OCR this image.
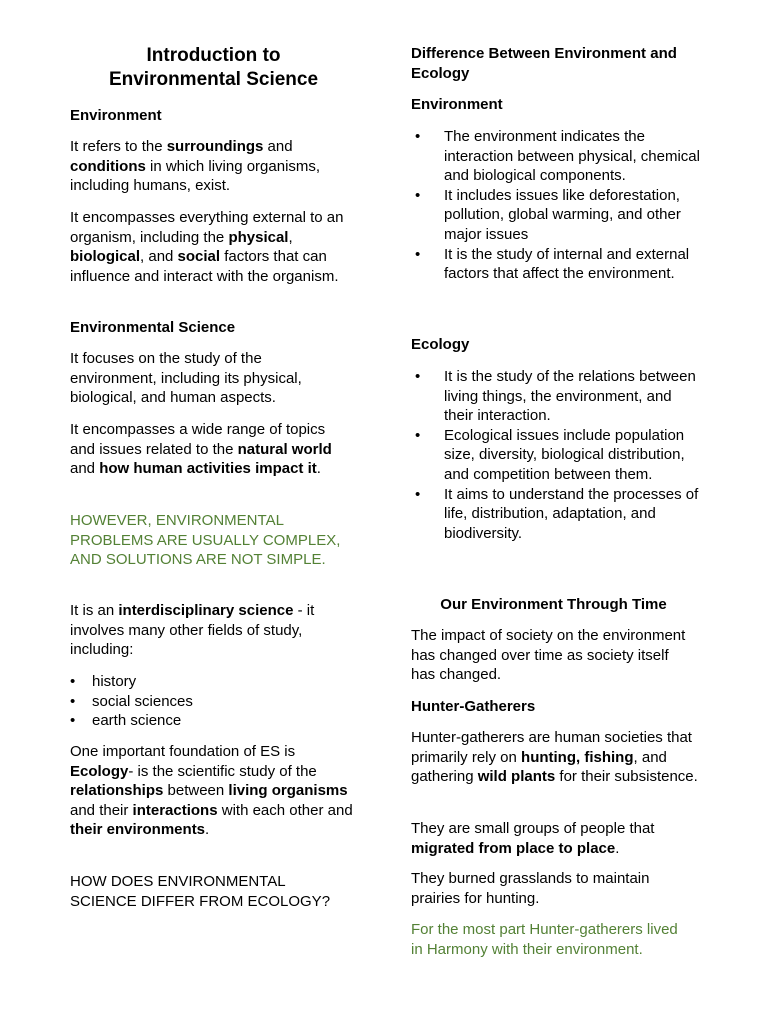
Introduction to
Environmental Science
Environment

It refers to the surroundings and conditions in which living organisms, including humans, exist.

It encompasses everything external to an organism, including the physical, biological, and social factors that can influence and interact with the organism.

Environmental Science

It focuses on the study of the environment, including its physical, biological, and human aspects.

It encompasses a wide range of topics and issues related to the natural world and how human activities impact it.

HOWEVER, ENVIRONMENTAL PROBLEMS ARE USUALLY COMPLEX, AND SOLUTIONS ARE NOT SIMPLE.

It is an interdisciplinary science - it involves many other fields of study, including:

• history
• social sciences
• earth science

One important foundation of ES is Ecology- is the scientific study of the relationships between living organisms and their interactions with each other and their environments.

HOW DOES ENVIRONMENTAL SCIENCE DIFFER FROM ECOLOGY?

Difference Between Environment and Ecology
Environment
• The environment indicates the interaction between physical, chemical and biological components.
• It includes issues like deforestation, pollution, global warming, and other major issues
• It is the study of internal and external factors that affect the environment.
Ecology
• It is the study of the relations between living things, the environment, and their interaction.
• Ecological issues include population size, diversity, biological distribution, and competition between them.
• It aims to understand the processes of life, distribution, adaptation, and biodiversity.
Our Environment Through Time

The impact of society on the environment has changed over time as society itself has changed.

Hunter-Gatherers

Hunter-gatherers are human societies that primarily rely on hunting, fishing, and gathering wild plants for their subsistence.

They are small groups of people that migrated from place to place.

They burned grasslands to maintain prairies for hunting.

For the most part Hunter-gatherers lived in Harmony with their environment.
